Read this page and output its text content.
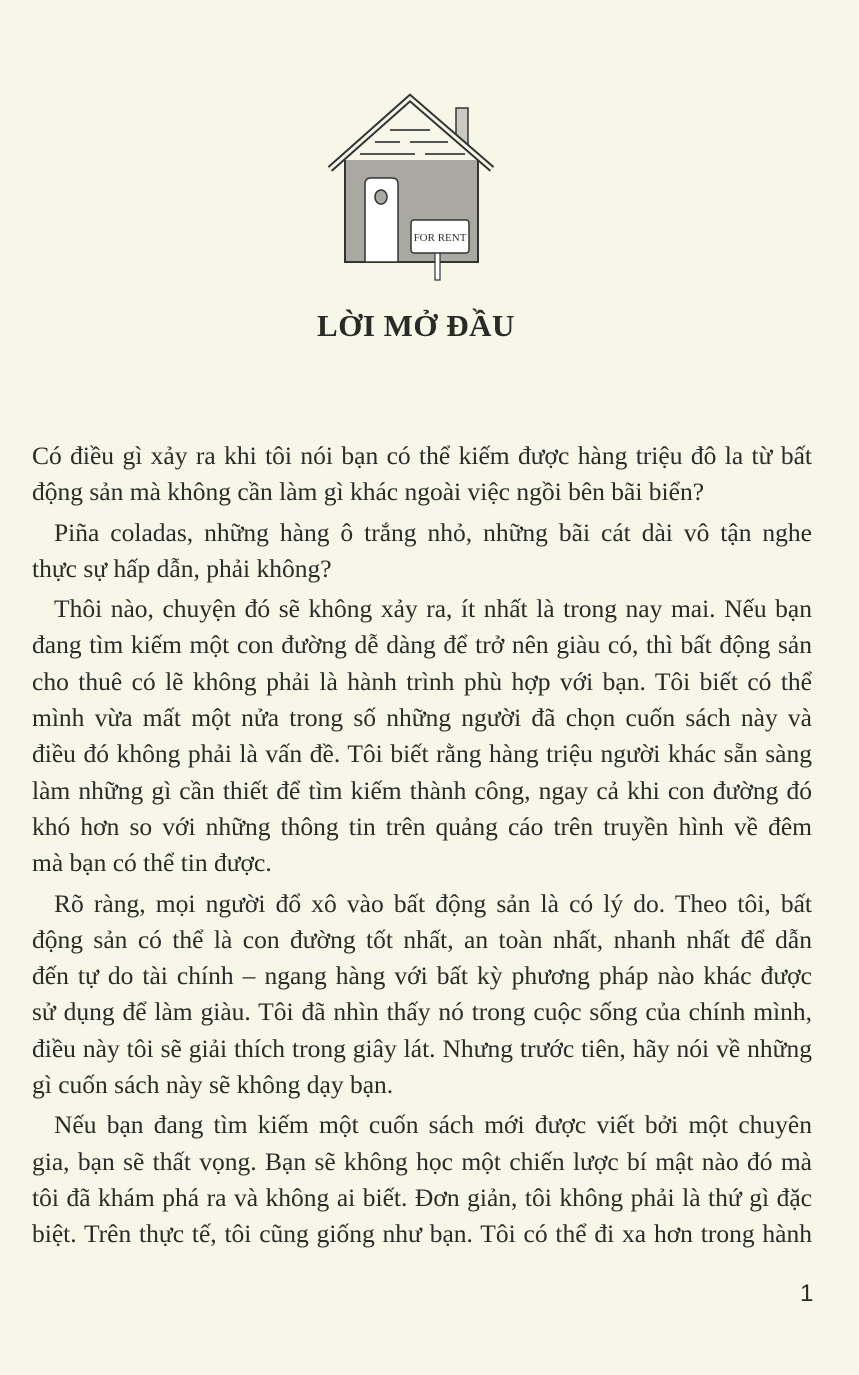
FOR RENT
LỜI MỞ ĐẦU
Có điều gì xảy ra khi tôi nói bạn có thể kiếm được hàng triệu đô la từ bất
động sản mà không cần làm gì khác ngoài việc ngồi bên bãi biển?
Piña coladas, những hàng ô trắng nhỏ, những bãi cát dài vô tận nghe
thực sự hấp dẫn, phải không?
Thôi nào, chuyện đó sẽ không xảy ra, ít nhất là trong nay mai. Nếu bạn
đang tìm kiếm một con đường dễ dàng để trở nên giàu có, thì bất động sản
cho thuê có lẽ không phải là hành trình phù hợp với bạn. Tôi biết có thể
mình vừa mất một nửa trong số những người đã chọn cuốn sách này và
điều đó không phải là vấn đề. Tôi biết rằng hàng triệu người khác sẵn sàng
làm những gì cần thiết để tìm kiếm thành công, ngay cả khi con đường đó
khó hơn so với những thông tin trên quảng cáo trên truyền hình về đêm
mà bạn có thể tin được.
Rõ ràng, mọi người đổ xô vào bất động sản là có lý do. Theo tôi, bất
động sản có thể là con đường tốt nhất, an toàn nhất, nhanh nhất để dẫn
đến tự do tài chính – ngang hàng với bất kỳ phương pháp nào khác được
sử dụng để làm giàu. Tôi đã nhìn thấy nó trong cuộc sống của chính mình,
điều này tôi sẽ giải thích trong giây lát. Nhưng trước tiên, hãy nói về những
gì cuốn sách này sẽ không dạy bạn.
Nếu bạn đang tìm kiếm một cuốn sách mới được viết bởi một chuyên
gia, bạn sẽ thất vọng. Bạn sẽ không học một chiến lược bí mật nào đó mà
tôi đã khám phá ra và không ai biết. Đơn giản, tôi không phải là thứ gì đặc
biệt. Trên thực tế, tôi cũng giống như bạn. Tôi có thể đi xa hơn trong hành
1
